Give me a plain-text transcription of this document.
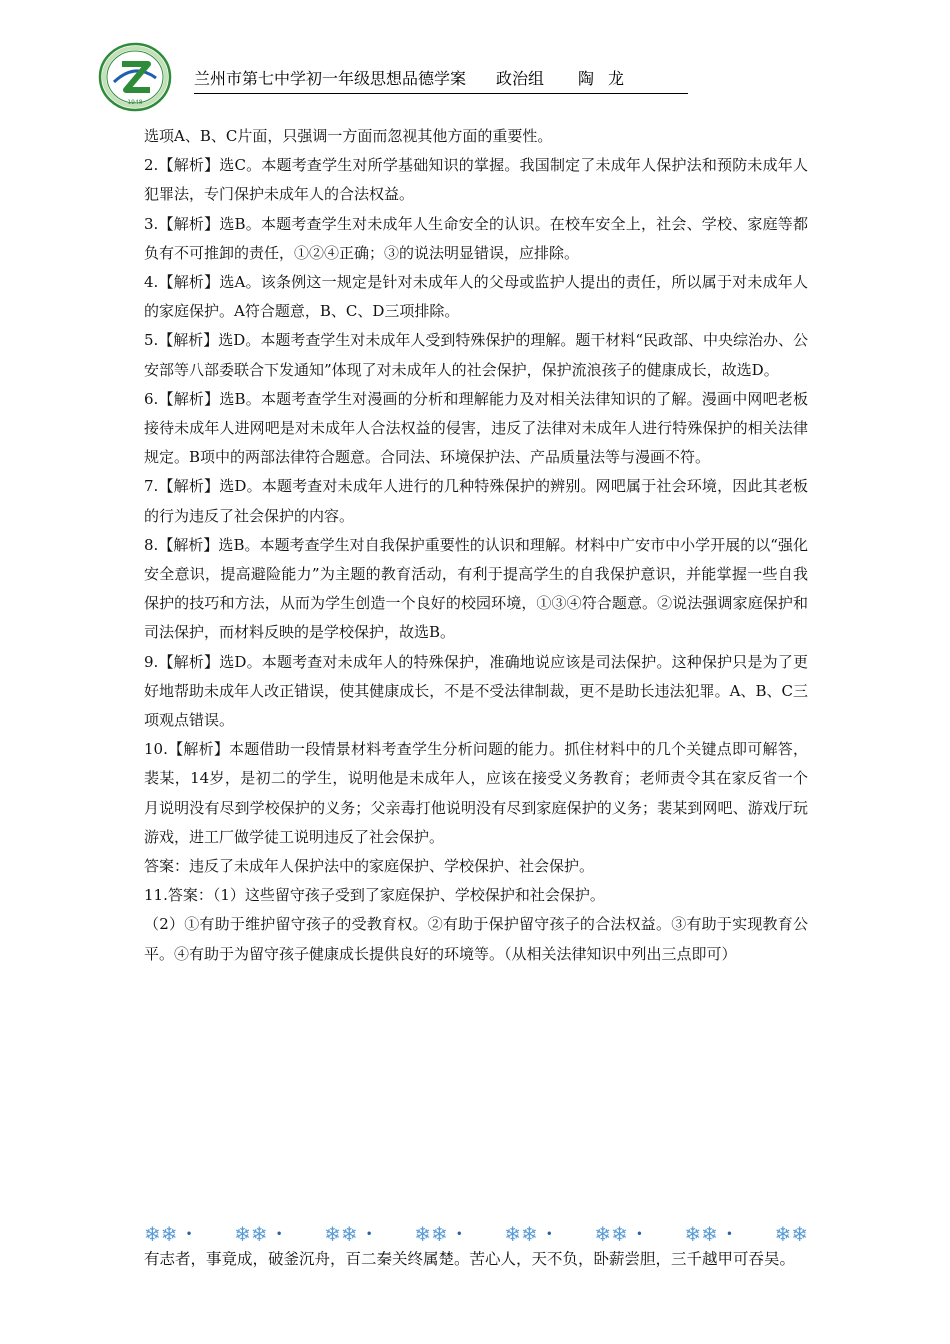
1948
兰州市第七中学初一年级思想品德学案 政治组 陶龙

选项A、B、C片面，只强调一方面而忽视其他方面的重要性。

2.【解析】选C。本题考查学生对所学基础知识的掌握。我国制定了未成年人保护法和预防未成年人犯罪法，专门保护未成年人的合法权益。

3.【解析】选B。本题考查学生对未成年人生命安全的认识。在校车安全上，社会、学校、家庭等都负有不可推卸的责任，①②④正确；③的说法明显错误，应排除。

4.【解析】选A。该条例这一规定是针对未成年人的父母或监护人提出的责任，所以属于对未成年人的家庭保护。A符合题意，B、C、D三项排除。

5.【解析】选D。本题考查学生对未成年人受到特殊保护的理解。题干材料“民政部、中央综治办、公安部等八部委联合下发通知”体现了对未成年人的社会保护，保护流浪孩子的健康成长，故选D。

6.【解析】选B。本题考查学生对漫画的分析和理解能力及对相关法律知识的了解。漫画中网吧老板接待未成年人进网吧是对未成年人合法权益的侵害，违反了法律对未成年人进行特殊保护的相关法律规定。B项中的两部法律符合题意。合同法、环境保护法、产品质量法等与漫画不符。

7.【解析】选D。本题考查对未成年人进行的几种特殊保护的辨别。网吧属于社会环境，因此其老板的行为违反了社会保护的内容。

8.【解析】选B。本题考查学生对自我保护重要性的认识和理解。材料中广安市中小学开展的以“强化安全意识，提高避险能力”为主题的教育活动，有利于提高学生的自我保护意识，并能掌握一些自我保护的技巧和方法，从而为学生创造一个良好的校园环境，①③④符合题意。②说法强调家庭保护和司法保护，而材料反映的是学校保护，故选B。

9.【解析】选D。本题考查对未成年人的特殊保护，准确地说应该是司法保护。这种保护只是为了更好地帮助未成年人改正错误，使其健康成长，不是不受法律制裁，更不是助长违法犯罪。A、B、C三项观点错误。

10.【解析】本题借助一段情景材料考查学生分析问题的能力。抓住材料中的几个关键点即可解答，裴某，14岁，是初二的学生，说明他是未成年人，应该在接受义务教育；老师责令其在家反省一个月说明没有尽到学校保护的义务；父亲毒打他说明没有尽到家庭保护的义务；裴某到网吧、游戏厅玩游戏，进工厂做学徒工说明违反了社会保护。

答案：违反了未成年人保护法中的家庭保护、学校保护、社会保护。

11.答案：（1）这些留守孩子受到了家庭保护、学校保护和社会保护。

（2）①有助于维护留守孩子的受教育权。②有助于保护留守孩子的合法权益。③有助于实现教育公平。④有助于为留守孩子健康成长提供良好的环境等。（从相关法律知识中列出三点即可）

❄❄ • ❄❄ • ❄❄ • ❄❄ • ❄❄ • ❄❄ • ❄❄ • ❄❄
有志者，事竟成，破釜沉舟，百二秦关终属楚。苦心人，天不负，卧薪尝胆，三千越甲可吞吴。
